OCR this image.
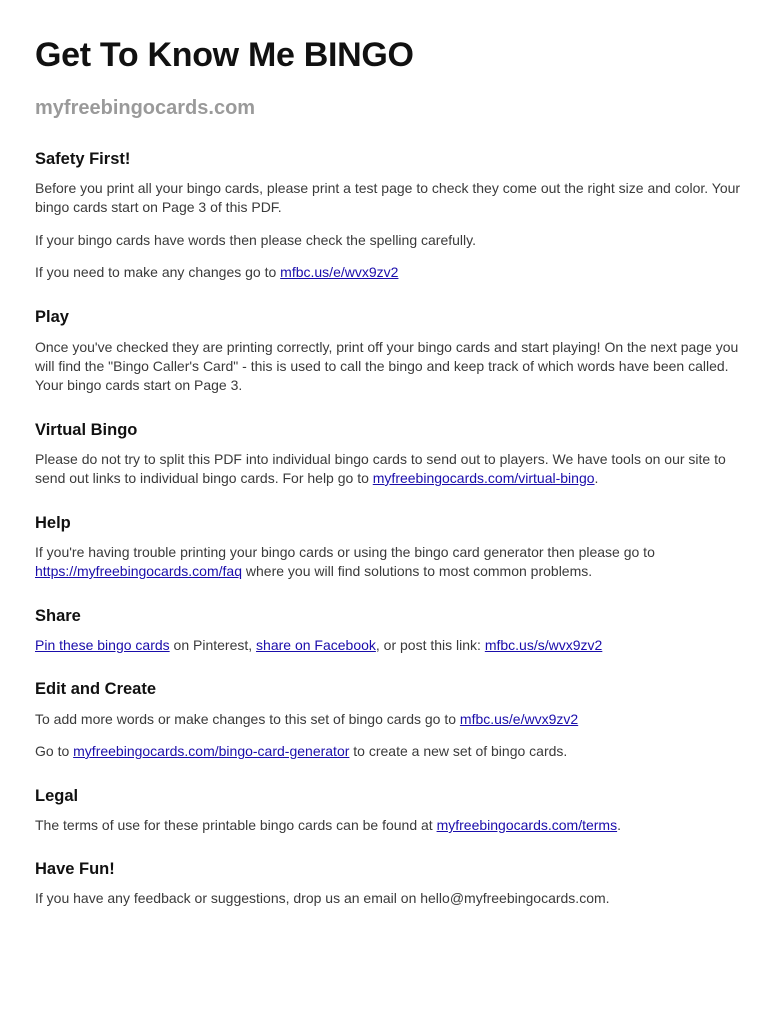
Get To Know Me BINGO
myfreebingocards.com
Safety First!

Before you print all your bingo cards, please print a test page to check they come out the right size and color. Your bingo cards start on Page 3 of this PDF.

If your bingo cards have words then please check the spelling carefully.

If you need to make any changes go to mfbc.us/e/wvx9zv2

Play

Once you've checked they are printing correctly, print off your bingo cards and start playing! On the next page you will find the "Bingo Caller's Card" - this is used to call the bingo and keep track of which words have been called. Your bingo cards start on Page 3.

Virtual Bingo

Please do not try to split this PDF into individual bingo cards to send out to players. We have tools on our site to send out links to individual bingo cards. For help go to myfreebingocards.com/virtual-bingo.

Help

If you're having trouble printing your bingo cards or using the bingo card generator then please go to https://myfreebingocards.com/faq where you will find solutions to most common problems.

Share

Pin these bingo cards on Pinterest, share on Facebook, or post this link: mfbc.us/s/wvx9zv2

Edit and Create

To add more words or make changes to this set of bingo cards go to mfbc.us/e/wvx9zv2

Go to myfreebingocards.com/bingo-card-generator to create a new set of bingo cards.

Legal

The terms of use for these printable bingo cards can be found at myfreebingocards.com/terms.

Have Fun!

If you have any feedback or suggestions, drop us an email on hello@myfreebingocards.com.
